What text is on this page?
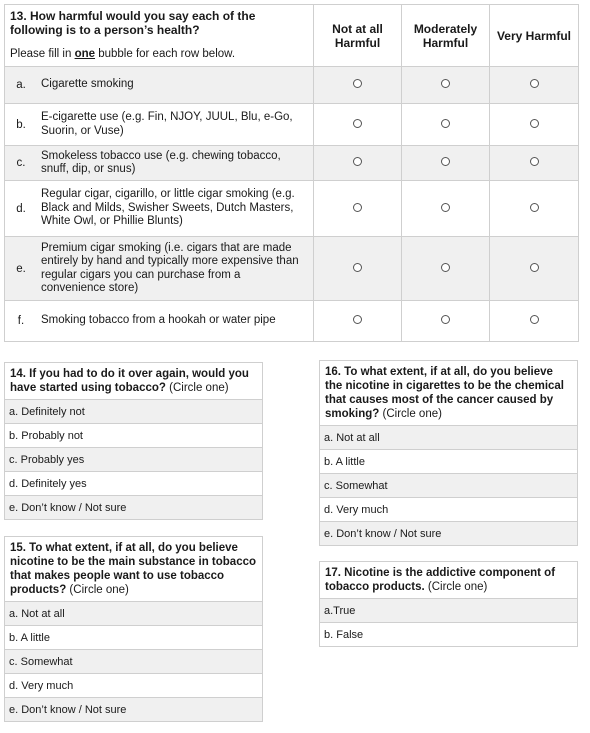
13. How harmful would you say each of the following is to a person’s health?
Please fill in one bubble for each row below.
	Not at all Harmful	Moderately Harmful	Very Harmful

a.	Cigarette smoking

b.	E-cigarette use (e.g. Fin, NJOY, JUUL, Blu, e-Go, Suorin, or Vuse)

c.	Smokeless tobacco use (e.g. chewing tobacco, snuff, dip, or snus)

d.	Regular cigar, cigarillo, or little cigar smoking (e.g. Black and Milds, Swisher Sweets, Dutch Masters, White Owl, or Phillie Blunts)

e.	Premium cigar smoking (i.e. cigars that are made entirely by hand and typically more expensive than regular cigars you can purchase from a convenience store)

f.	Smoking tobacco from a hookah or water pipe

14. If you had to do it over again, would you have started using tobacco? (Circle one)
a. Definitely not
b. Probably not
c. Probably yes
d. Definitely yes
e. Don’t know / Not sure
15. To what extent, if at all, do you believe nicotine to be the main substance in tobacco that makes people want to use tobacco products? (Circle one)
a. Not at all
b. A little
c. Somewhat
d. Very much
e. Don’t know / Not sure
16. To what extent, if at all, do you believe the nicotine in cigarettes to be the chemical that causes most of the cancer caused by smoking? (Circle one)
a. Not at all
b. A little
c. Somewhat
d. Very much
e. Don’t know / Not sure
17. Nicotine is the addictive component of tobacco products. (Circle one)
a.True
b. False
